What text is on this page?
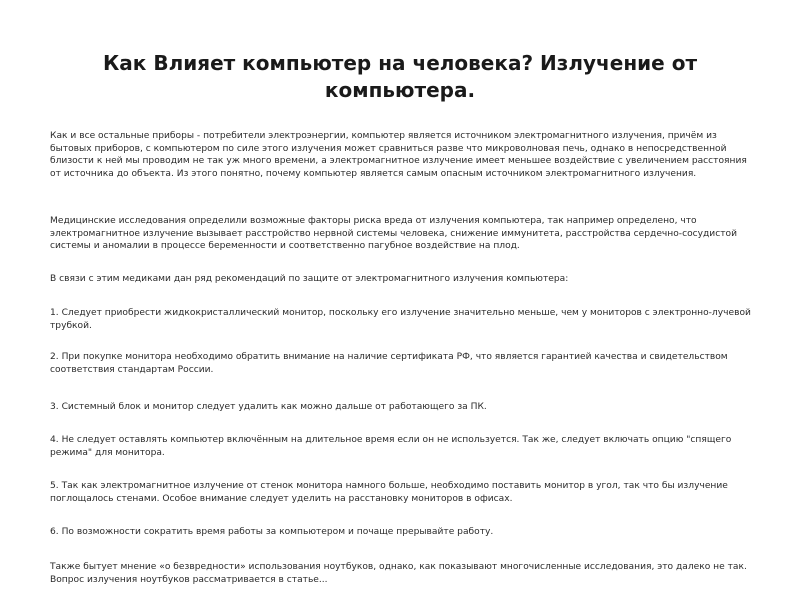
Как Влияет компьютер на человека? Излучение от компьютера.

Как и все остальные приборы - потребители электроэнергии, компьютер является источником электромагнитного излучения, причём из бытовых приборов, с компьютером по силе этого излучения может сравниться разве что микроволновая печь, однако в непосредственной близости к ней мы проводим не так уж много времени, а электромагнитное излучение имеет меньшее воздействие с увеличением расстояния от источника до объекта. Из этого понятно, почему компьютер является самым опасным источником электромагнитного излучения.

Медицинские исследования определили возможные факторы риска вреда от излучения компьютера, так например определено, что электромагнитное излучение вызывает расстройство нервной системы человека, снижение иммунитета, расстройства сердечно-сосудистой системы и аномалии в процессе беременности и соответственно пагубное воздействие на плод.

В связи с этим медиками дан ряд рекомендаций по защите от электромагнитного излучения компьютера:

1. Следует приобрести жидкокристаллический монитор, поскольку его излучение значительно меньше, чем у мониторов с электронно-лучевой трубкой.

2. При покупке монитора необходимо обратить внимание на наличие сертификата РФ, что является гарантией качества и свидетельством соответствия стандартам России.

3. Системный блок и монитор следует удалить как можно дальше от работающего за ПК.

4. Не следует оставлять компьютер включённым на длительное время если он не используется. Так же, следует включать опцию "спящего режима" для монитора.

5. Так как электромагнитное излучение от стенок монитора намного больше, необходимо поставить монитор в угол, так что бы излучение поглощалось стенами. Особое внимание следует уделить на расстановку мониторов в офисах.

6. По возможности сократить время работы за компьютером и почаще прерывайте работу.

Также бытует мнение «о безвредности» использования ноутбуков, однако, как показывают многочисленные исследования, это далеко не так. Вопрос излучения ноутбуков рассматривается в статье...
